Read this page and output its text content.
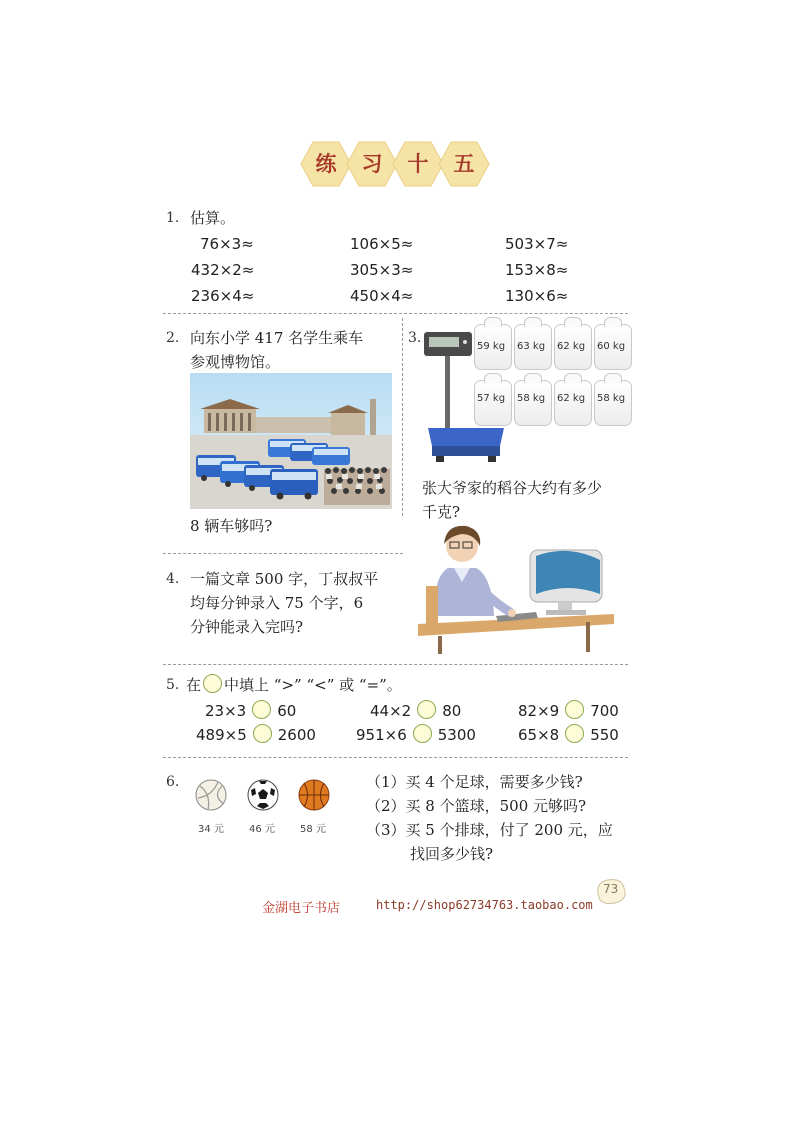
练	习	十	五
1. 估算。
76×3≈	106×5≈	503×7≈
432×2≈	305×3≈	153×8≈
236×4≈	450×4≈	130×6≈
2. 向东小学 417 名学生乘车
参观博物馆。
8 辆车够吗?
3.
59 kg 63 kg 62 kg 60 kg
57 kg 58 kg 62 kg 58 kg
张大爷家的稻谷大约有多少
千克?
4. 一篇文章 500 字，丁叔叔平
均每分钟录入 75 个字，6
分钟能录入完吗?
5. 在 中填上 “>” “<” 或 “=”。
23×3 60	44×2 80	82×9 700
489×5 2600	951×6 5300	65×8 550
6.
34 元	46 元	58 元
（1）买 4 个足球，需要多少钱?
（2）买 8 个篮球，500 元够吗?
（3）买 5 个排球，付了 200 元，应
找回多少钱?
金湖电子书店	http://shop62734763.taobao.com
73
